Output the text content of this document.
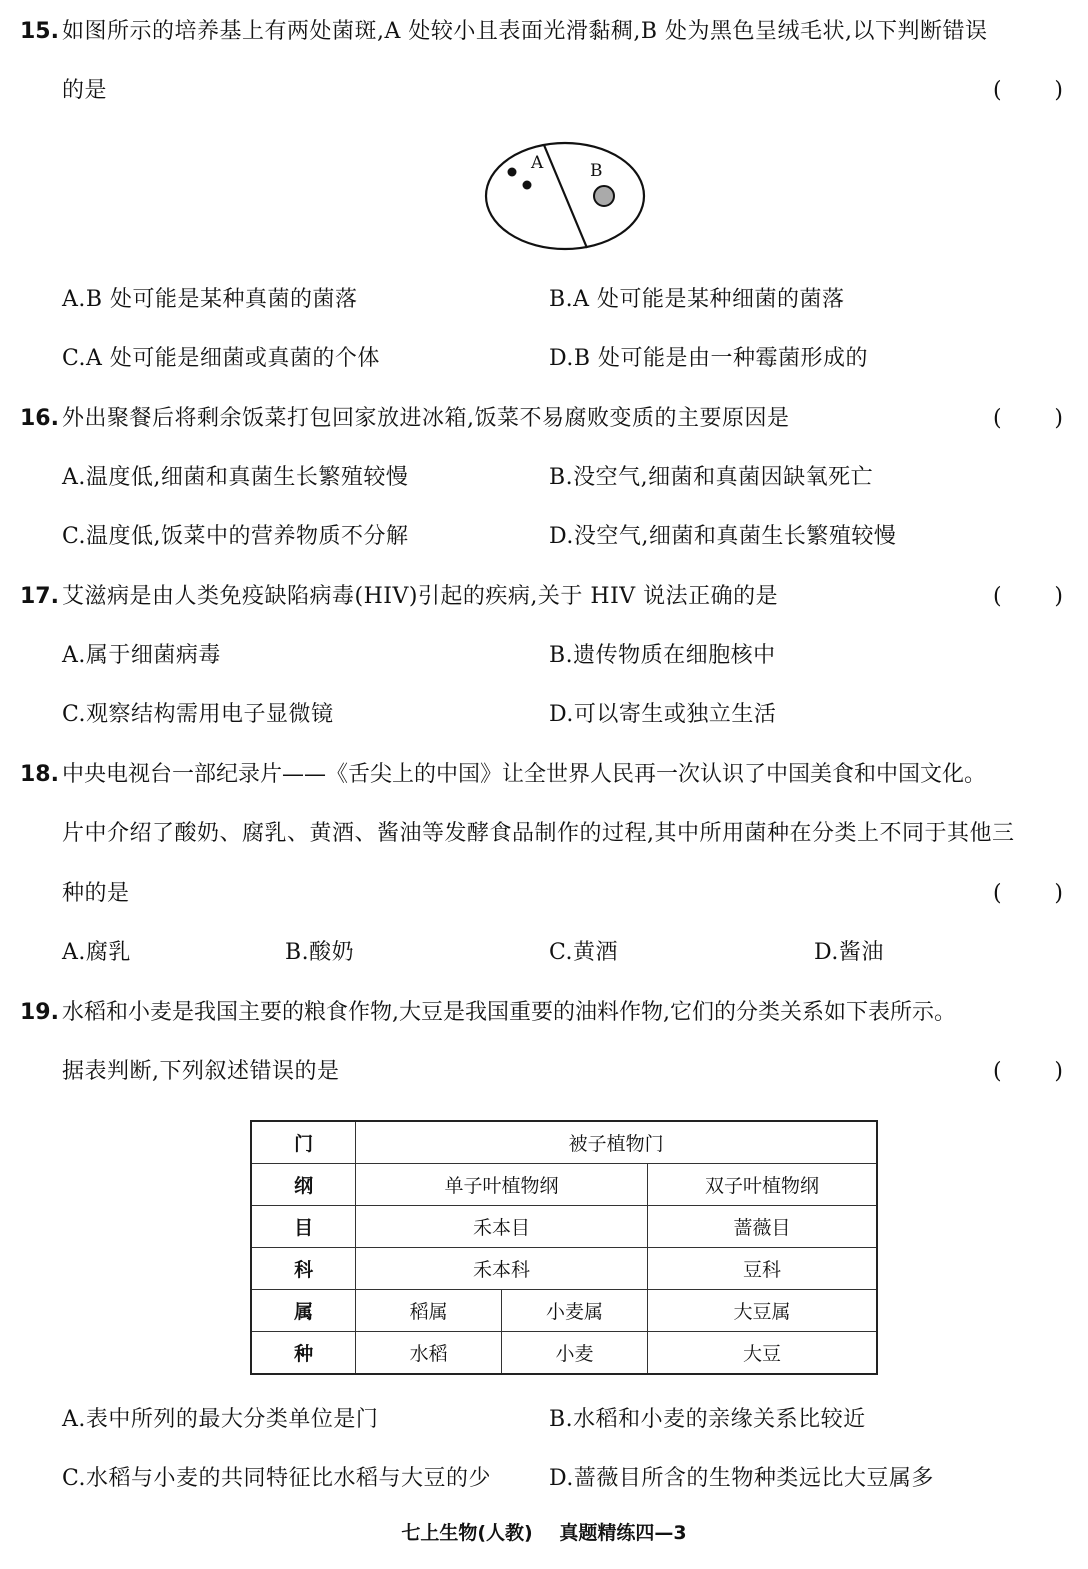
15. 如图所示的培养基上有两处菌斑,A 处较小且表面光滑黏稠,B 处为黑色呈绒毛状,以下判断错误
的是	( )
A	B
A.B 处可能是某种真菌的菌落	B.A 处可能是某种细菌的菌落
C.A 处可能是细菌或真菌的个体	D.B 处可能是由一种霉菌形成的
16. 外出聚餐后将剩余饭菜打包回家放进冰箱,饭菜不易腐败变质的主要原因是	( )
A.温度低,细菌和真菌生长繁殖较慢	B.没空气,细菌和真菌因缺氧死亡
C.温度低,饭菜中的营养物质不分解	D.没空气,细菌和真菌生长繁殖较慢
17. 艾滋病是由人类免疫缺陷病毒(HIV)引起的疾病,关于 HIV 说法正确的是	( )
A.属于细菌病毒	B.遗传物质在细胞核中
C.观察结构需用电子显微镜	D.可以寄生或独立生活
18. 中央电视台一部纪录片——《舌尖上的中国》让全世界人民再一次认识了中国美食和中国文化。
片中介绍了酸奶、腐乳、黄酒、酱油等发酵食品制作的过程,其中所用菌种在分类上不同于其他三
种的是	( )
A.腐乳	B.酸奶	C.黄酒	D.酱油
19. 水稻和小麦是我国主要的粮食作物,大豆是我国重要的油料作物,它们的分类关系如下表所示。
据表判断,下列叙述错误的是	( )
门	被子植物门		
纲	单子叶植物纲		双子叶植物纲
目	禾本目		蔷薇目
科	禾本科		豆科
属	稻属	小麦属	大豆属
种	水稻	小麦	大豆
A.表中所列的最大分类单位是门	B.水稻和小麦的亲缘关系比较近
C.水稻与小麦的共同特征比水稻与大豆的少	D.蔷薇目所含的生物种类远比大豆属多
七上生物(人教) 真题精练四—3
